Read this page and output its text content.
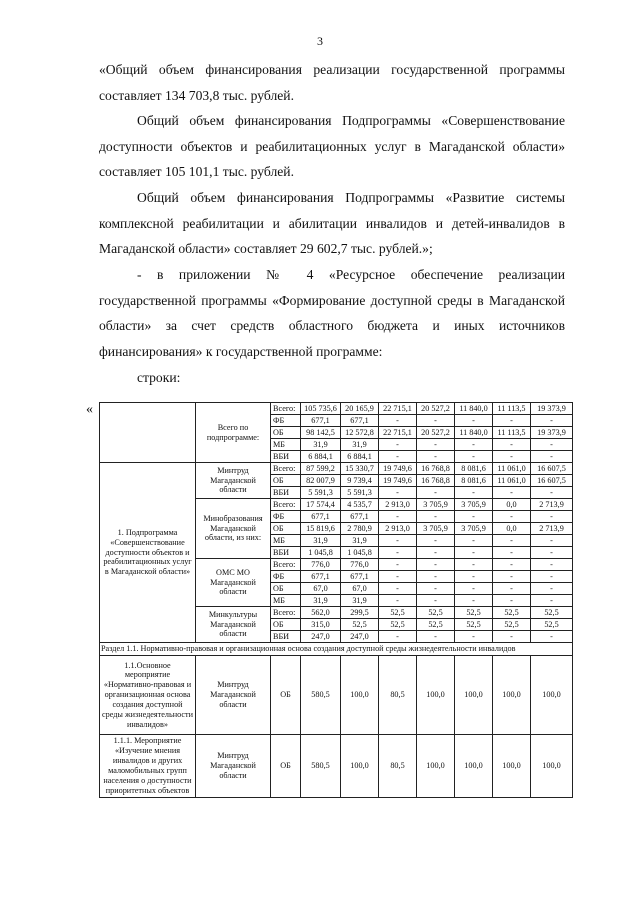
3
«Общий объем финансирования реализации государственной программы составляет 134 703,8 тыс. рублей.
Общий объем финансирования Подпрограммы «Совершенствование доступности объектов и реабилитационных услуг в Магаданской области» составляет 105 101,1 тыс. рублей.
Общий объем финансирования Подпрограммы «Развитие системы комплексной реабилитации и абилитации инвалидов и детей-инвалидов в Магаданской области» составляет 29 602,7 тыс. рублей.»;
- в приложении № 4 «Ресурсное обеспечение реализации государственной программы «Формирование доступной среды в Магаданской области» за счет средств областного бюджета и иных источников финансирования» к государственной программе:
строки:
«
	Всего по подпрограмме:	Всего:	105 735,6	20 165,9	22 715,1	20 527,2	11 840,0	11 113,5	19 373,9
		ФБ	677,1	677,1	-	-	-	-	-
		ОБ	98 142,5	12 572,8	22 715,1	20 527,2	11 840,0	11 113,5	19 373,9
		МБ	31,9	31,9	-	-	-	-	-
		ВБИ	6 884,1	6 884,1	-	-	-	-	-
1. Подпрограмма «Совершенствование доступности объектов и реабилитационных услуг в Магаданской области»	Минтруд Магаданской области	Всего:	87 599,2	15 330,7	19 749,6	16 768,8	8 081,6	11 061,0	16 607,5
		ОБ	82 007,9	9 739,4	19 749,6	16 768,8	8 081,6	11 061,0	16 607,5
		ВБИ	5 591,3	5 591,3	-	-	-	-	-
	Минобразования Магаданской области, из них:	Всего:	17 574,4	4 535,7	2 913,0	3 705,9	3 705,9	0,0	2 713,9
		ФБ	677,1	677,1	-	-	-	-	-
		ОБ	15 819,6	2 780,9	2 913,0	3 705,9	3 705,9	0,0	2 713,9
		МБ	31,9	31,9	-	-	-	-	-
		ВБИ	1 045,8	1 045,8	-	-	-	-	-
	ОМС МО Магаданской области	Всего:	776,0	776,0	-	-	-	-	-
		ФБ	677,1	677,1	-	-	-	-	-
		ОБ	67,0	67,0	-	-	-	-	-
		МБ	31,9	31,9	-	-	-	-	-
	Минкультуры Магаданской области	Всего:	562,0	299,5	52,5	52,5	52,5	52,5	52,5
		ОБ	315,0	52,5	52,5	52,5	52,5	52,5	52,5
		ВБИ	247,0	247,0	-	-	-	-	-
Раздел 1.1. Нормативно-правовая и организационная основа создания доступной среды жизнедеятельности инвалидов									
1.1.Основное мероприятие «Нормативно-правовая и организационная основа создания доступной среды жизнедеятельности инвалидов»	Минтруд Магаданской области	ОБ	580,5	100,0	80,5	100,0	100,0	100,0	100,0
1.1.1. Мероприятие «Изучение мнения инвалидов и других маломобильных групп населения о доступности приоритетных объектов	Минтруд Магаданской области	ОБ	580,5	100,0	80,5	100,0	100,0	100,0	100,0
